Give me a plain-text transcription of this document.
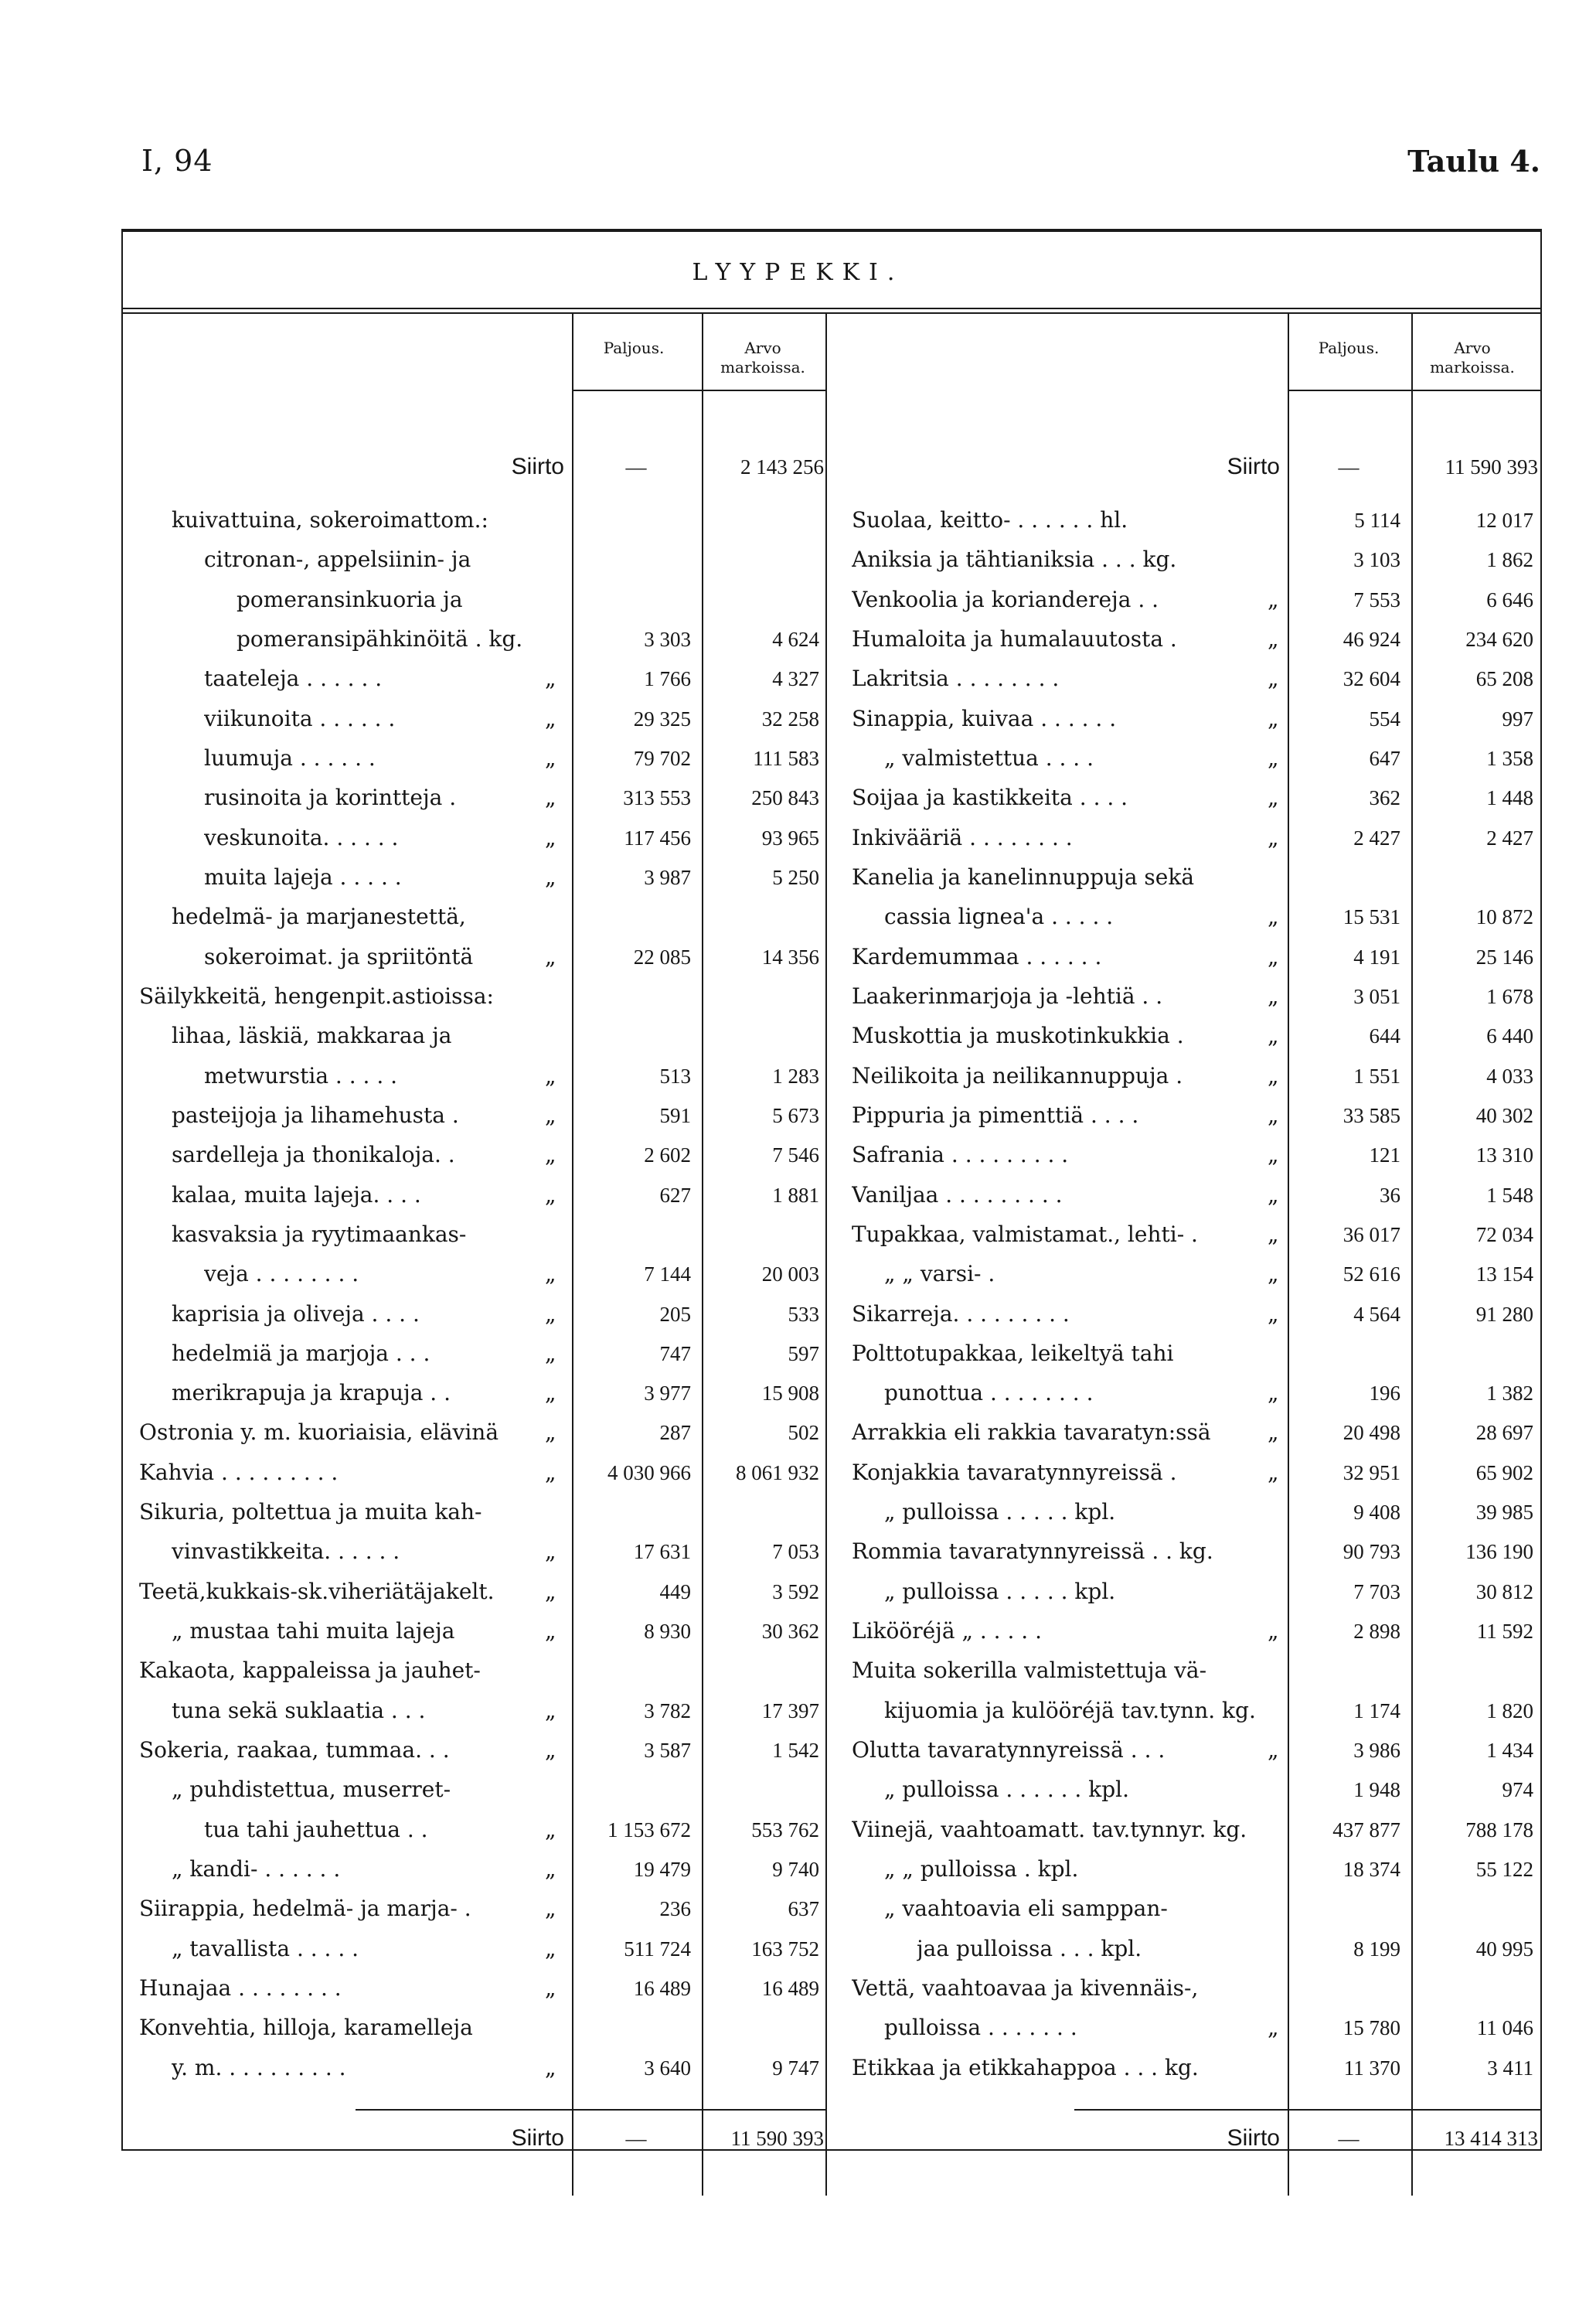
I, 94	Taulu 4.
LYYPEKKI.
Paljous.	Arvo markoissa.
Paljous.	Arvo markoissa.
Siirto	—	2 143 256
kuivattuina, sokeroimattom.:
citronan-, appelsiinin- ja
pomeransinkuoria ja
pomeransipähkinöitä . kg.	3 303	4 624
taateleja . . . . . .	„	1 766	4 327
viikunoita . . . . . .	„	29 325	32 258
luumuja . . . . . .	„	79 702	111 583
rusinoita ja korintteja .	„	313 553	250 843
veskunoita. . . . . .	„	117 456	93 965
muita lajeja . . . . .	„	3 987	5 250
hedelmä- ja marjanestettä,
sokeroimat. ja spriitöntä	„	22 085	14 356
Säilykkeitä, hengenpit.astioissa:
lihaa, läskiä, makkaraa ja
metwurstia . . . . .	„	513	1 283
pasteijoja ja lihamehusta .	„	591	5 673
sardelleja ja thonikaloja. .	„	2 602	7 546
kalaa, muita lajeja. . . .	„	627	1 881
kasvaksia ja ryytimaankas-
veja . . . . . . . .	„	7 144	20 003
kaprisia ja oliveja . . . .	„	205	533
hedelmiä ja marjoja . . .	„	747	597
merikrapuja ja krapuja . .	„	3 977	15 908
Ostronia y. m. kuoriaisia, elävinä	„	287	502
Kahvia . . . . . . . . .	„	4 030 966	8 061 932
Sikuria, poltettua ja muita kah-
vinvastikkeita. . . . . .	„	17 631	7 053
Teetä,kukkais-sk.viheriätäjakelt.	„	449	3 592
„ mustaa tahi muita lajeja	„	8 930	30 362
Kakaota, kappaleissa ja jauhet-
tuna sekä suklaatia . . .	„	3 782	17 397
Sokeria, raakaa, tummaa. . .	„	3 587	1 542
„ puhdistettua, muserret-
tua tahi jauhettua . .	„	1 153 672	553 762
„ kandi- . . . . . .	„	19 479	9 740
Siirappia, hedelmä- ja marja- .	„	236	637
„ tavallista . . . . .	„	511 724	163 752
Hunajaa . . . . . . . .	„	16 489	16 489
Konvehtia, hilloja, karamelleja
y. m. . . . . . . . . .	„	3 640	9 747
Siirto	—	11 590 393
Siirto	—	11 590 393
Suolaa, keitto- . . . . . . hl.	5 114	12 017
Aniksia ja tähtianiksia . . . kg.	3 103	1 862
Venkoolia ja korianderejа . .	„	7 553	6 646
Humaloita ja humalauutosta .	„	46 924	234 620
Lakritsia . . . . . . . .	„	32 604	65 208
Sinappia, kuivaa . . . . . .	„	554	997
„ valmistettua . . . .	„	647	1 358
Soijaa ja kastikkeita . . . .	„	362	1 448
Inkivääriä . . . . . . . .	„	2 427	2 427
Kanelia ja kanelinnuppuja sekä
cassia lignea'a . . . . .	„	15 531	10 872
Kardemummaa . . . . . .	„	4 191	25 146
Laakerinmarjoja ja -lehtiä . .	„	3 051	1 678
Muskottia ja muskotinkukkia .	„	644	6 440
Neilikoita ja neilikannuppuja .	„	1 551	4 033
Pippuria ja pimenttiä . . . .	„	33 585	40 302
Safrania . . . . . . . . .	„	121	13 310
Vaniljaa . . . . . . . . .	„	36	1 548
Tupakkaa, valmistamat., lehti- .	„	36 017	72 034
„ „ varsi- .	„	52 616	13 154
Sikarreja. . . . . . . . .	„	4 564	91 280
Polttotupakkaa, leikeltyä tahi
punottua . . . . . . . .	„	196	1 382
Arrakkia eli rakkia tavaratyn:ssä	„	20 498	28 697
Konjakkia tavaratynnyreissä .	„	32 951	65 902
„ pulloissa . . . . . kpl.	9 408	39 985
Rommia tavaratynnyreissä . . kg.	90 793	136 190
„ pulloissa . . . . . kpl.	7 703	30 812
Likööréjä „ . . . . .	„	2 898	11 592
Muita sokerilla valmistettuja vä-
kijuomia ja kulööréjä tav.tynn. kg.	1 174	1 820
Olutta tavaratynnyreissä . . .	„	3 986	1 434
„ pulloissa . . . . . . kpl.	1 948	974
Viinejä, vaahtoamatt. tav.tynnyr. kg.	437 877	788 178
„ „ pulloissa . kpl.	18 374	55 122
„ vaahtoavia eli samppan-
jaa pulloissa . . . kpl.	8 199	40 995
Vettä, vaahtoavaa ja kivennäis-,
pulloissa . . . . . . .	„	15 780	11 046
Etikkaa ja etikkahappoa . . . kg.	11 370	3 411
Siirto	—	13 414 313
